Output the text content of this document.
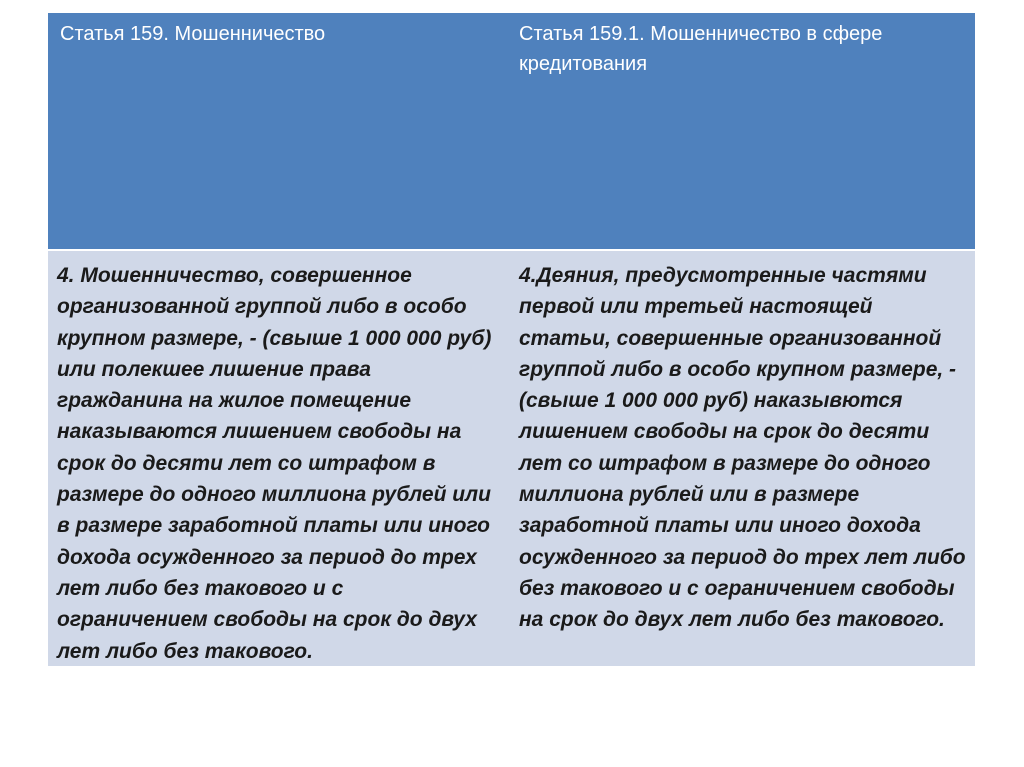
Статья 159. Мошенничество	Статья 159.1. Мошенничество в сфере кредитования
4. Мошенничество, совершенное организованной группой либо в особо крупном размере, - (свыше 1 000 000 руб) или полекшее лишение права гражданина на жилое помещение наказываются лишением свободы на срок до десяти лет со штрафом в размере до одного миллиона рублей или в размере заработной платы или иного дохода осужденного за период до трех лет либо без такового и с ограничением свободы на срок до двух лет либо без такового.
4.Деяния, предусмотренные частями первой или третьей настоящей статьи, совершенные организованной группой либо в особо крупном размере, - (свыше 1 000 000 руб) наказывются лишением свободы на срок до десяти лет со штрафом в размере до одного миллиона рублей или в размере заработной платы или иного дохода осужденного за период до трех лет либо без такового и с ограничением свободы на срок до двух лет либо без такового.
